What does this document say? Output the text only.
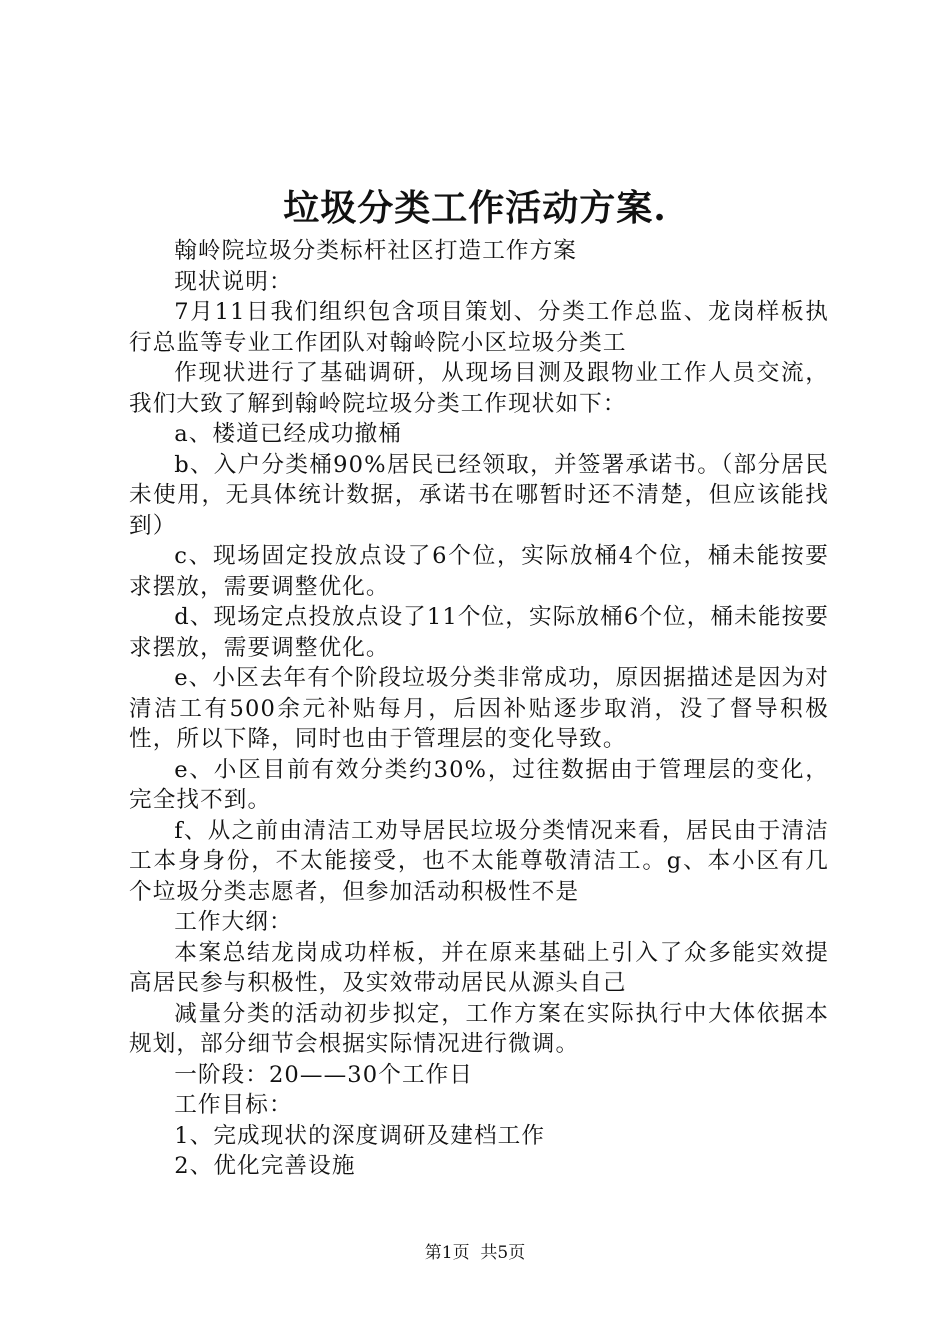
垃圾分类工作活动方案.

翰岭院垃圾分类标杆社区打造工作方案

现状说明：

7月11日我们组织包含项目策划、分类工作总监、龙岗样板执行总监等专业工作团队对翰岭院小区垃圾分类工

作现状进行了基础调研，从现场目测及跟物业工作人员交流，我们大致了解到翰岭院垃圾分类工作现状如下：

a、楼道已经成功撤桶

b、入户分类桶90%居民已经领取，并签署承诺书。（部分居民未使用，无具体统计数据，承诺书在哪暂时还不清楚，但应该能找到）

c、现场固定投放点设了6个位，实际放桶4个位，桶未能按要求摆放，需要调整优化。

d、现场定点投放点设了11个位，实际放桶6个位，桶未能按要求摆放，需要调整优化。

e、小区去年有个阶段垃圾分类非常成功，原因据描述是因为对清洁工有500余元补贴每月，后因补贴逐步取消，没了督导积极性，所以下降，同时也由于管理层的变化导致。

e、小区目前有效分类约30%，过往数据由于管理层的变化，完全找不到。

f、从之前由清洁工劝导居民垃圾分类情况来看，居民由于清洁工本身身份，不太能接受，也不太能尊敬清洁工。g、本小区有几个垃圾分类志愿者，但参加活动积极性不是

工作大纲：

本案总结龙岗成功样板，并在原来基础上引入了众多能实效提高居民参与积极性，及实效带动居民从源头自己

减量分类的活动初步拟定，工作方案在实际执行中大体依据本规划，部分细节会根据实际情况进行微调。

一阶段：20——30个工作日

工作目标：

1、完成现状的深度调研及建档工作

2、优化完善设施

第1页  共5页
